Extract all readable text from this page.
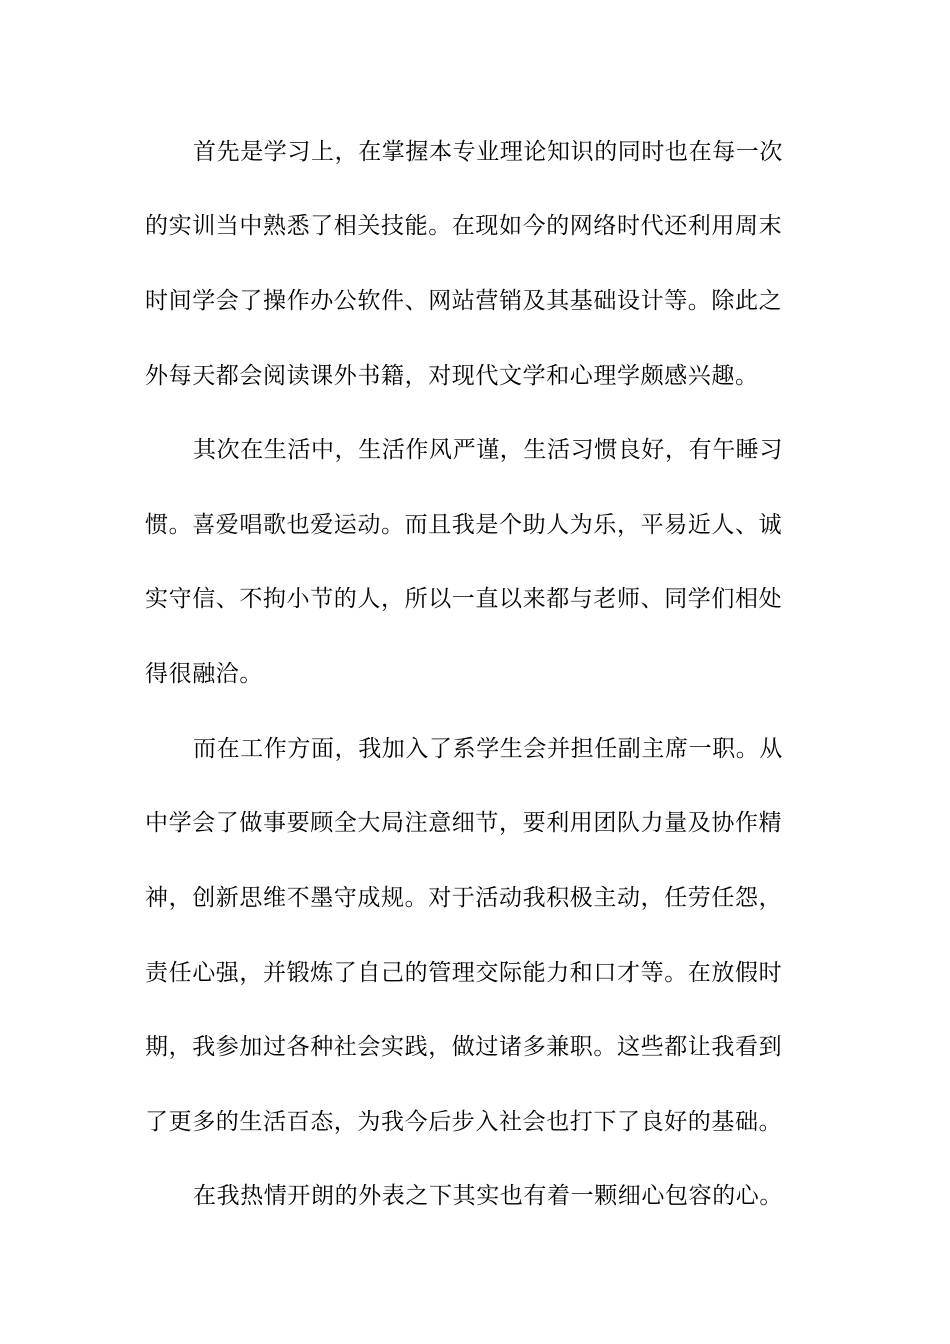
首先是学习上，在掌握本专业理论知识的同时也在每一次
的实训当中熟悉了相关技能。在现如今的网络时代还利用周末
时间学会了操作办公软件、网站营销及其基础设计等。除此之
外每天都会阅读课外书籍，对现代文学和心理学颇感兴趣。
其次在生活中，生活作风严谨，生活习惯良好，有午睡习
惯。喜爱唱歌也爱运动。而且我是个助人为乐，平易近人、诚
实守信、不拘小节的人，所以一直以来都与老师、同学们相处
得很融洽。
而在工作方面，我加入了系学生会并担任副主席一职。从
中学会了做事要顾全大局注意细节，要利用团队力量及协作精
神，创新思维不墨守成规。对于活动我积极主动，任劳任怨，
责任心强，并锻炼了自己的管理交际能力和口才等。在放假时
期，我参加过各种社会实践，做过诸多兼职。这些都让我看到
了更多的生活百态，为我今后步入社会也打下了良好的基础。
在我热情开朗的外表之下其实也有着一颗细心包容的心。
